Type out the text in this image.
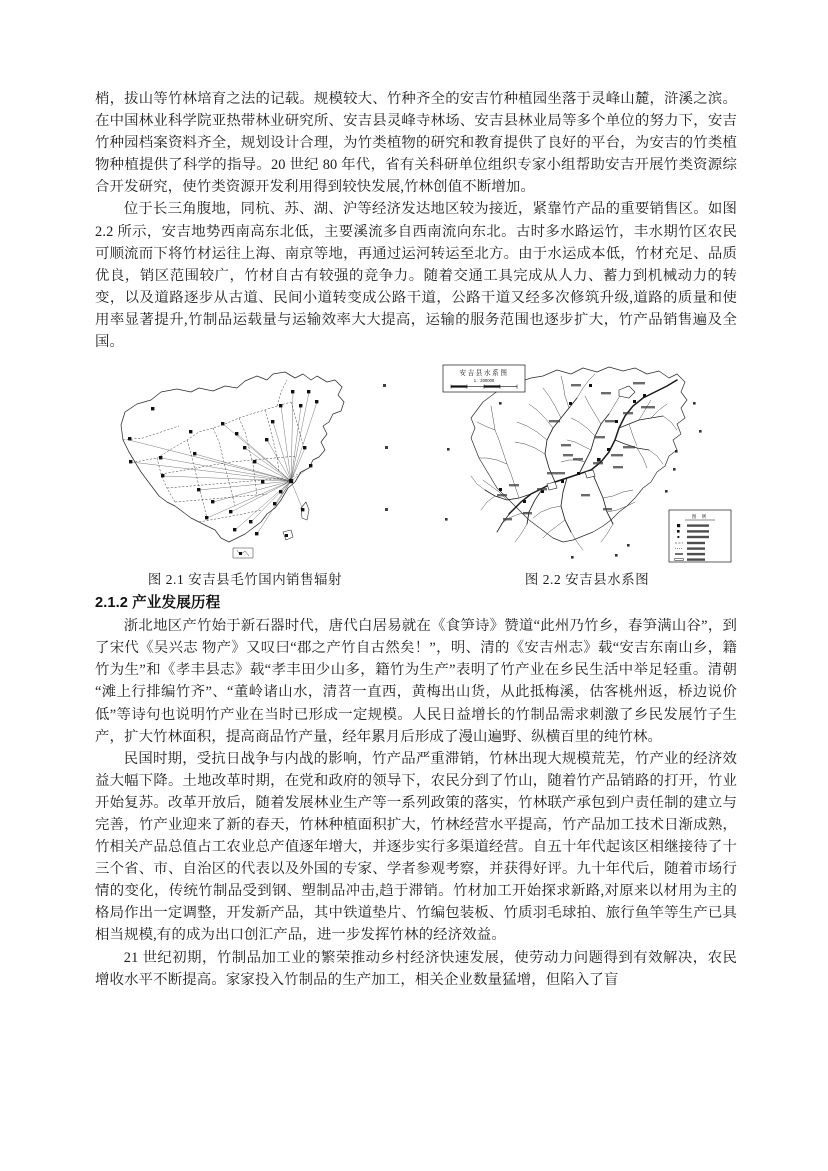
梢，拔山等竹林培育之法的记载。规模较大、竹种齐全的安吉竹种植园坐落于灵峰山麓，浒溪之滨。在中国林业科学院亚热带林业研究所、安吉县灵峰寺林场、安吉县林业局等多个单位的努力下，安吉竹种园档案资料齐全，规划设计合理，为竹类植物的研究和教育提供了良好的平台，为安吉的竹类植物种植提供了科学的指导。20 世纪 80 年代，省有关科研单位组织专家小组帮助安吉开展竹类资源综合开发研究，使竹类资源开发利用得到较快发展,竹林创值不断增加。

位于长三角腹地，同杭、苏、湖、沪等经济发达地区较为接近，紧靠竹产品的重要销售区。如图 2.2 所示，安吉地势西南高东北低，主要溪流多自西南流向东北。古时多水路运竹，丰水期竹区农民可顺流而下将竹材运往上海、南京等地，再通过运河转运至北方。由于水运成本低，竹材充足、品质优良，销区范围较广，竹材自古有较强的竞争力。随着交通工具完成从人力、蓄力到机械动力的转变，以及道路逐步从古道、民间小道转变成公路干道，公路干道又经多次修筑升级,道路的质量和使用率显著提升,竹制品运载量与运输效率大大提高，运输的服务范围也逐步扩大，竹产品销售遍及全国。

图 2.1 安吉县毛竹国内销售辐射
安吉县水系图
1：200000
图 例
图 2.2 安吉县水系图
2.1.2 产业发展历程

浙北地区产竹始于新石器时代，唐代白居易就在《食笋诗》赞道“此州乃竹乡，春笋满山谷”，到了宋代《吴兴志 物产》又叹曰“郡之产竹自古然矣！”，明、清的《安吉州志》载“安吉东南山乡，籍竹为生”和《孝丰县志》载“孝丰田少山多，籍竹为生产”表明了竹产业在乡民生活中举足轻重。清朝“滩上行排编竹齐”、“董岭诸山水，清苕一直西，黄梅出山货，从此抵梅溪，估客桃州返，桥边说价低”等诗句也说明竹产业在当时已形成一定规模。人民日益增长的竹制品需求刺激了乡民发展竹子生产，扩大竹林面积，提高商品竹产量，经年累月后形成了漫山遍野、纵横百里的纯竹林。

民国时期，受抗日战争与内战的影响，竹产品严重滞销，竹林出现大规模荒芜，竹产业的经济效益大幅下降。土地改革时期，在党和政府的领导下，农民分到了竹山，随着竹产品销路的打开，竹业开始复苏。改革开放后，随着发展林业生产等一系列政策的落实，竹林联产承包到户责任制的建立与完善，竹产业迎来了新的春天，竹林种植面积扩大，竹林经营水平提高，竹产品加工技术日渐成熟，竹相关产品总值占工农业总产值逐年增大，并逐步实行多渠道经营。自五十年代起该区相继接待了十三个省、市、自治区的代表以及外国的专家、学者参观考察，并获得好评。九十年代后，随着市场行情的变化，传统竹制品受到钢、塑制品冲击,趋于滞销。竹材加工开始探求新路,对原来以材用为主的格局作出一定调整，开发新产品，其中铁道垫片、竹编包装板、竹质羽毛球拍、旅行鱼竿等生产已具相当规模,有的成为出口创汇产品，进一步发挥竹林的经济效益。

21 世纪初期，竹制品加工业的繁荣推动乡村经济快速发展，使劳动力问题得到有效解决，农民增收水平不断提高。家家投入竹制品的生产加工，相关企业数量猛增，但陷入了盲
